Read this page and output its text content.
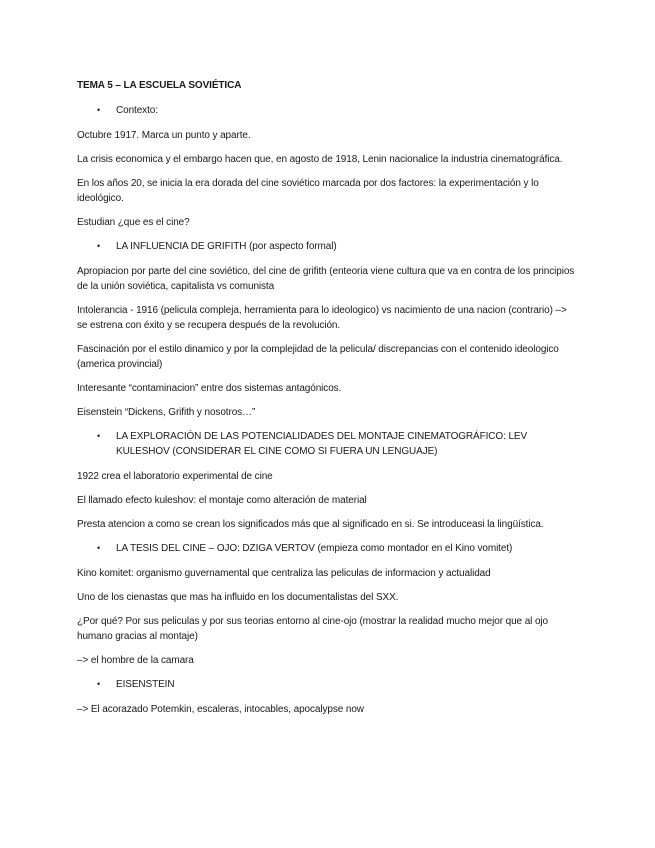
TEMA 5 – LA ESCUELA SOVIÉTICA
• Contexto:
Octubre 1917. Marca un punto y aparte.
La crisis economica y el embargo hacen que, en agosto de 1918, Lenin nacionalice la industria cinematográfica.
En los años 20, se inicia la era dorada del cine soviético marcada por dos factores: la experimentación y lo ideológico.
Estudian ¿que es el cine?
• LA INFLUENCIA DE GRIFITH (por aspecto formal)
Apropiacion por parte del cine soviético, del cine de grifith (enteoria viene cultura que va en contra de los principios de la unión soviética, capitalista vs comunista
Intolerancia - 1916 (pelicula compleja, herramienta para lo ideologico) vs nacimiento de una nacion (contrario) –> se estrena con éxito y se recupera después de la revolución.
Fascinación por el estilo dinamico y por la complejidad de la pelicula/ discrepancias con el contenido ideologico (america provincial)
Interesante “contaminacion” entre dos sistemas antagónicos.
Eisenstein “Dickens, Grifith y nosotros…”
• LA EXPLORACIÓN DE LAS POTENCIALIDADES DEL MONTAJE CINEMATOGRÁFICO: LEV KULESHOV (CONSIDERAR EL CINE COMO SI FUERA UN LENGUAJE)
1922 crea el laboratorio experimental de cine
El llamado efecto kuleshov: el montaje como alteración de material
Presta atencion a como se crean los significados más que al significado en si. Se introduceasi la lingüística.
• LA TESIS DEL CINE – OJO: DZIGA VERTOV (empieza como montador en el Kino vomitet)
Kino komitet: organismo guvernamental que centraliza las peliculas de informacion y actualidad
Uno de los cienastas que mas ha influido en los documentalistas del SXX.
¿Por qué? Por sus peliculas y por sus teorias entorno al cine-ojo (mostrar la realidad mucho mejor que al ojo humano gracias al montaje)
–> el hombre de la camara
• EISENSTEIN
–> El acorazado Potemkin, escaleras, intocables, apocalypse now
